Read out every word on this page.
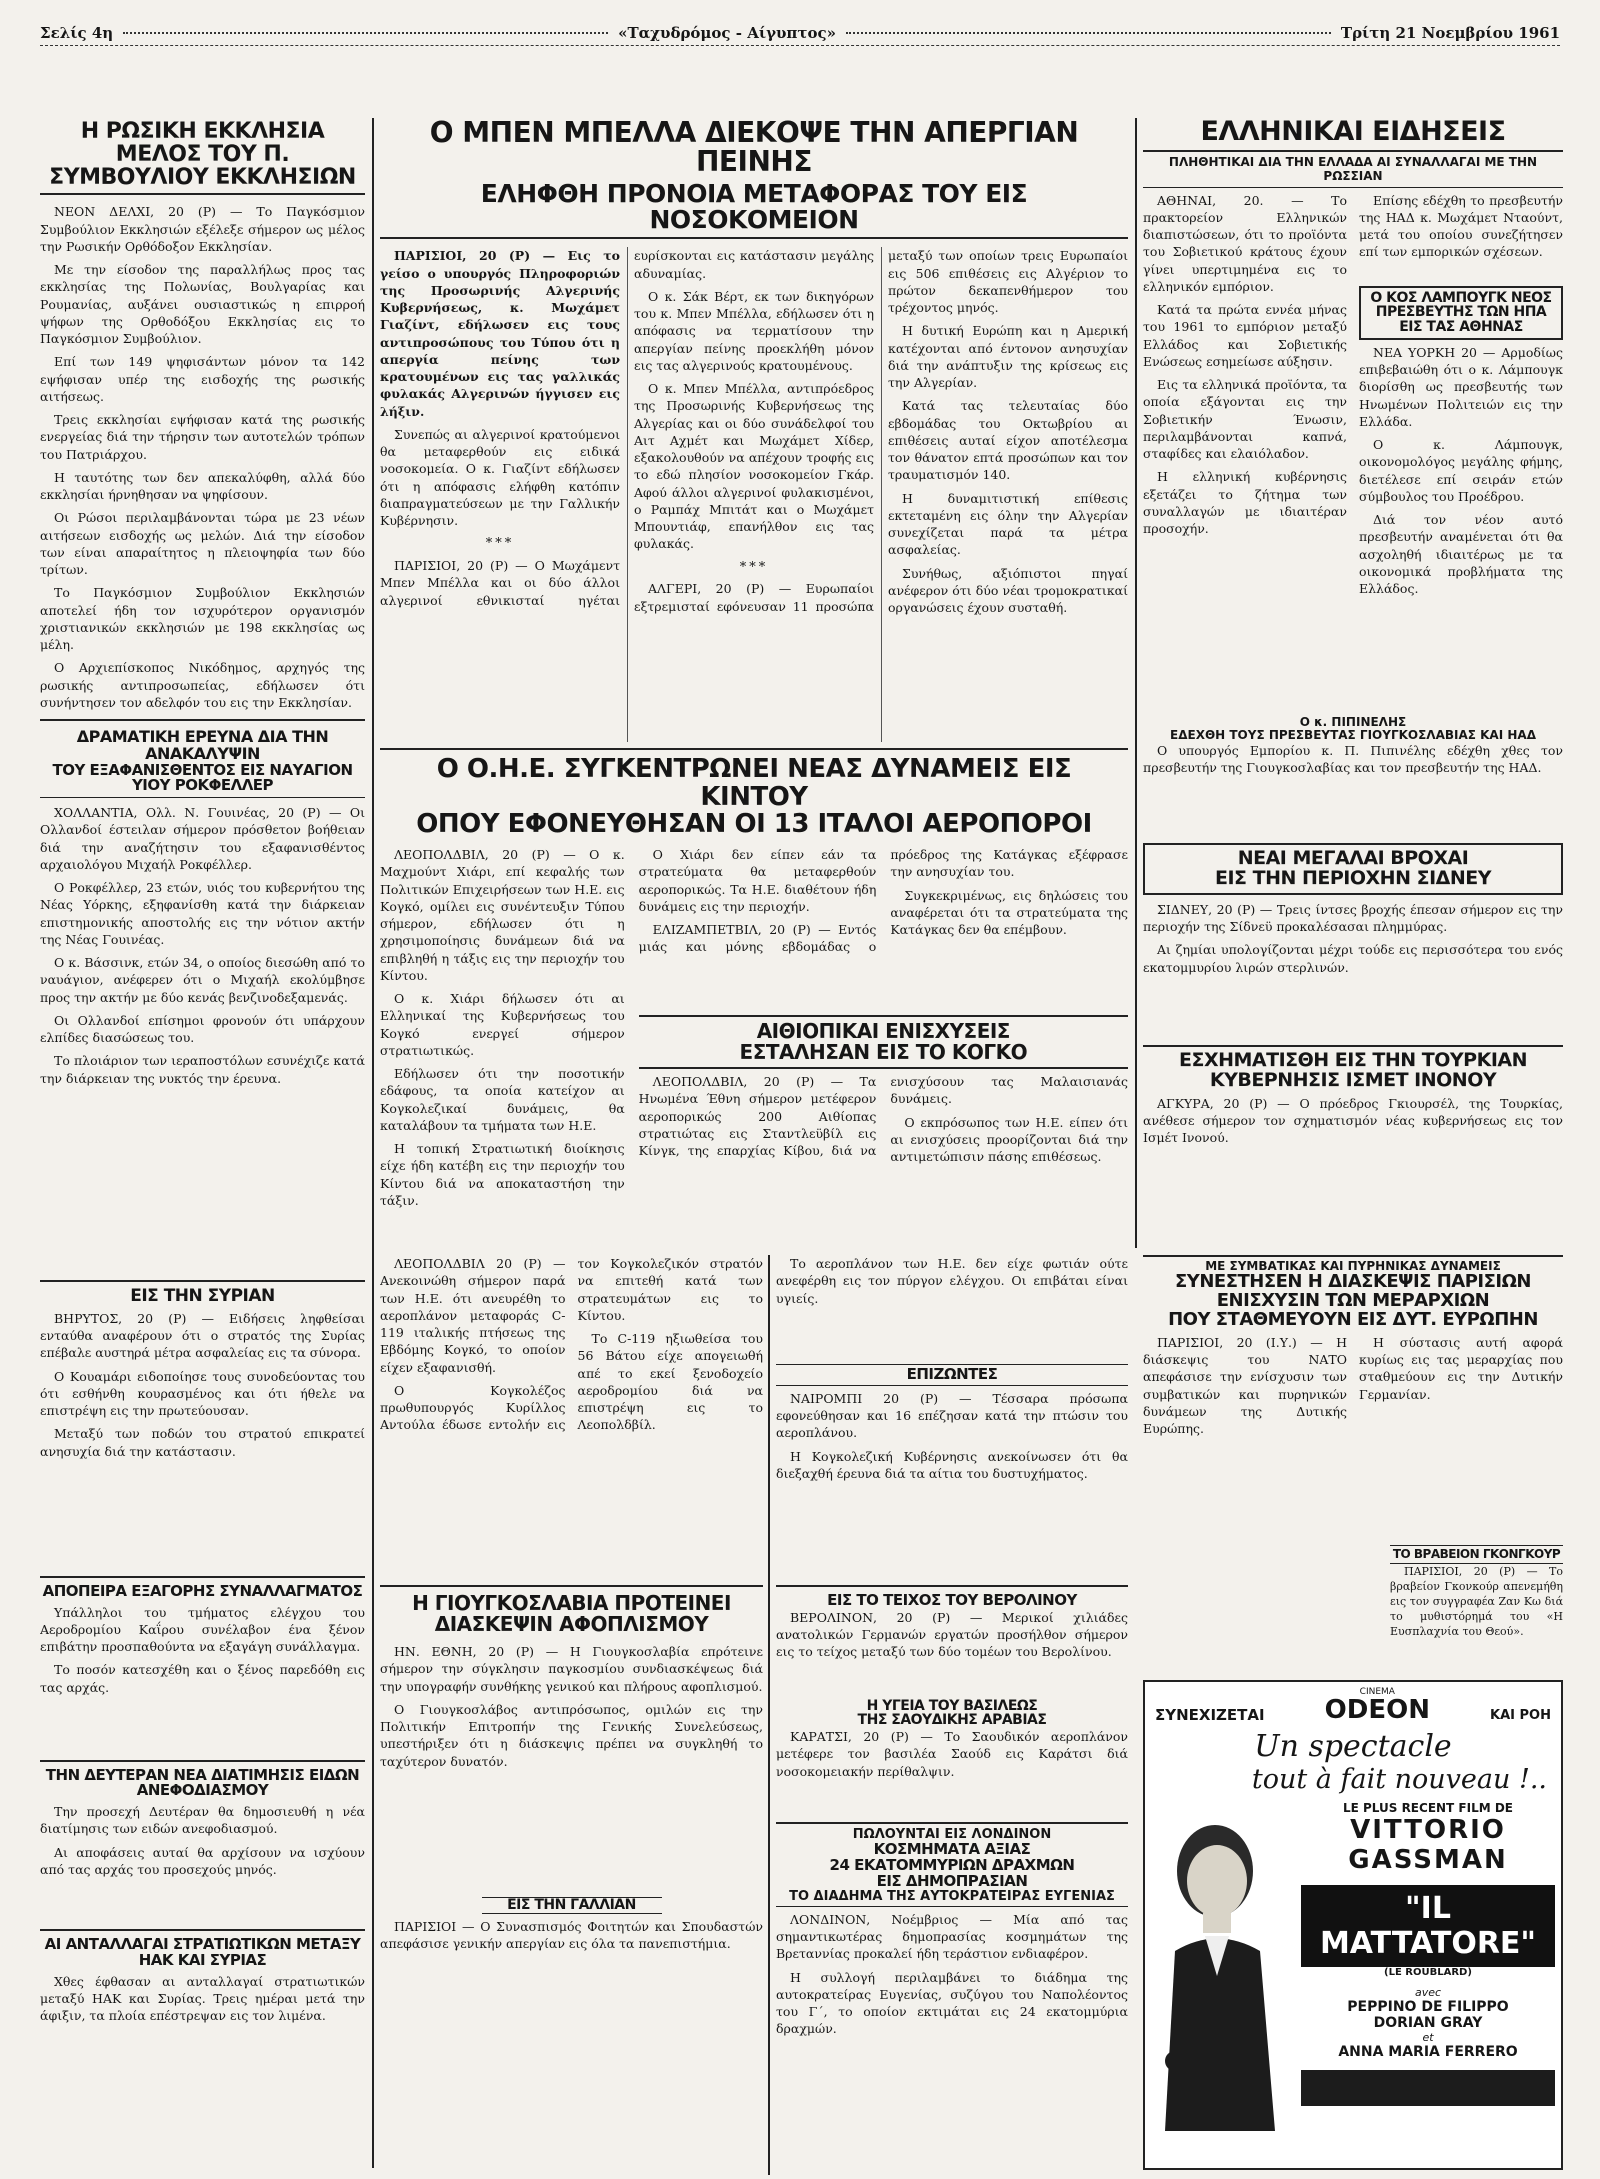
Σελίς 4η	«Ταχυδρόμος - Αίγυπτος»	Τρίτη 21 Νοεμβρίου 1961
Η ΡΩΣΙΚΗ ΕΚΚΛΗΣΙΑ ΜΕΛΟΣ ΤΟΥ Π. ΣΥΜΒΟΥΛΙΟΥ ΕΚΚΛΗΣΙΩΝ

ΝΕΟΝ ΔΕΛΧΙ, 20 (Ρ) — Το Παγκόσμιον Συμβούλιον Εκκλησιών εξέλεξε σήμερον ως μέλος την Ρωσικήν Ορθόδοξον Εκκλησίαν.

Με την είσοδον της παραλλήλως προς τας εκκλησίας της Πολωνίας, Βουλγαρίας και Ρουμανίας, αυξάνει ουσιαστικώς η επιρροή ψήφων της Ορθοδόξου Εκκλησίας εις το Παγκόσμιον Συμβούλιον.

Επί των 149 ψηφισάντων μόνον τα 142 εψήφισαν υπέρ της εισδοχής της ρωσικής αιτήσεως.

Τρεις εκκλησίαι εψήφισαν κατά της ρωσικής ενεργείας διά την τήρησιν των αυτοτελών τρόπων του Πατριάρχου.

Η ταυτότης των δεν απεκαλύφθη, αλλά δύο εκκλησίαι ήρνηθησαν να ψηφίσουν.

Οι Ρώσοι περιλαμβάνονται τώρα με 23 νέων αιτήσεων εισδοχής ως μελών. Διά την είσοδον των είναι απαραίτητος η πλειοψηφία των δύο τρίτων.

Το Παγκόσμιον Συμβούλιον Εκκλησιών αποτελεί ήδη τον ισχυρότερον οργανισμόν χριστιανικών εκκλησιών με 198 εκκλησίας ως μέλη.

Ο Αρχιεπίσκοπος Νικόδημος, αρχηγός της ρωσικής αντιπροσωπείας, εδήλωσεν ότι συνήντησεν τον αδελφόν του εις την Εκκλησίαν.

ΔΡΑΜΑΤΙΚΗ ΕΡΕΥΝΑ ΔΙΑ ΤΗΝ ΑΝΑΚΑΛΥΨΙΝ
ΤΟΥ ΕΞΑΦΑΝΙΣΘΕΝΤΟΣ ΕΙΣ ΝΑΥΑΓΙΟΝ ΥΙΟΥ ΡΟΚΦΕΛΛΕΡ

ΧΟΛΛΑΝΤΙΑ, Ολλ. Ν. Γουινέας, 20 (Ρ) — Οι Ολλανδοί έστειλαν σήμερον πρόσθετον βοήθειαν διά την αναζήτησιν του εξαφανισθέντος αρχαιολόγου Μιχαήλ Ροκφέλλερ.

Ο Ροκφέλλερ, 23 ετών, υιός του κυβερνήτου της Νέας Υόρκης, εξηφανίσθη κατά την διάρκειαν επιστημονικής αποστολής εις την νότιον ακτήν της Νέας Γουινέας.

Ο κ. Βάσσινκ, ετών 34, ο οποίος διεσώθη από το ναυάγιον, ανέφερεν ότι ο Μιχαήλ εκολύμβησε προς την ακτήν με δύο κενάς βενζινοδεξαμενάς.

Οι Ολλανδοί επίσημοι φρονούν ότι υπάρχουν ελπίδες διασώσεως του.

Το πλοιάριον των ιεραποστόλων εσυνέχιζε κατά την διάρκειαν της νυκτός την έρευνα.

ΕΙΣ ΤΗΝ ΣΥΡΙΑΝ

ΒΗΡΥΤΟΣ, 20 (Ρ) — Ειδήσεις ληφθείσαι ενταύθα αναφέρουν ότι ο στρατός της Συρίας επέβαλε αυστηρά μέτρα ασφαλείας εις τα σύνορα.

Ο Κουαμάρι ειδοποίησε τους συνοδεύοντας του ότι εσθήνθη κουρασμένος και ότι ήθελε να επιστρέψη εις την πρωτεύουσαν.

Μεταξύ των ποδών του στρατού επικρατεί ανησυχία διά την κατάστασιν.

ΑΠΟΠΕΙΡΑ ΕΞΑΓΟΡΗΣ ΣΥΝΑΛΛΑΓΜΑΤΟΣ

Υπάλληλοι του τμήματος ελέγχου του Αεροδρομίου Καΐρου συνέλαβον ένα ξένον επιβάτην προσπαθούντα να εξαγάγη συνάλλαγμα.

Το ποσόν κατεσχέθη και ο ξένος παρεδόθη εις τας αρχάς.

ΤΗΝ ΔΕΥΤΕΡΑΝ ΝΕΑ ΔΙΑΤΙΜΗΣΙΣ ΕΙΔΩΝ ΑΝΕΦΟΔΙΑΣΜΟΥ

Την προσεχή Δευτέραν θα δημοσιευθή η νέα διατίμησις των ειδών ανεφοδιασμού.

Αι αποφάσεις αυταί θα αρχίσουν να ισχύουν από τας αρχάς του προσεχούς μηνός.

ΑΙ ΑΝΤΑΛΛΑΓΑΙ ΣΤΡΑΤΙΩΤΙΚΩΝ ΜΕΤΑΞΥ ΗΑΚ ΚΑΙ ΣΥΡΙΑΣ

Χθες έφθασαν αι ανταλλαγαί στρατιωτικών μεταξύ ΗΑΚ και Συρίας. Τρεις ημέραι μετά την άφιξιν, τα πλοία επέστρεψαν εις τον λιμένα.

Ο ΜΠΕΝ ΜΠΕΛΛΑ ΔΙΕΚΟΨΕ ΤΗΝ ΑΠΕΡΓΙΑΝ ΠΕΙΝΗΣ
ΕΛΗΦΘΗ ΠΡΟΝΟΙΑ ΜΕΤΑΦΟΡΑΣ ΤΟΥ ΕΙΣ ΝΟΣΟΚΟΜΕΙΟΝ

ΠΑΡΙΣΙΟΙ, 20 (Ρ) — Εις το γείσο ο υπουργός Πληροφοριών της Προσωρινής Αλγερινής Κυβερνήσεως, κ. Μωχάμετ Γιαζίντ, εδήλωσεν εις τους αντιπροσώπους του Τύπου ότι η απεργία πείνης των κρατουμένων εις τας γαλλικάς φυλακάς Αλγερινών ήγγισεν εις λήξιν.

Συνεπώς αι αλγερινοί κρατούμενοι θα μεταφερθούν εις ειδικά νοσοκομεία. Ο κ. Γιαζίντ εδήλωσεν ότι η απόφασις ελήφθη κατόπιν διαπραγματεύσεων με την Γαλλικήν Κυβέρνησιν.

***

ΠΑΡΙΣΙΟΙ, 20 (Ρ) — Ο Μωχάμεντ Μπεν Μπέλλα και οι δύο άλλοι αλγερινοί εθνικισταί ηγέται ευρίσκονται εις κατάστασιν μεγάλης αδυναμίας.

Ο κ. Σάκ Βέρτ, εκ των δικηγόρων του κ. Μπεν Μπέλλα, εδήλωσεν ότι η απόφασις να τερματίσουν την απεργίαν πείνης προεκλήθη μόνον εις τας αλγερινούς κρατουμένους.

Ο κ. Μπεν Μπέλλα, αντιπρόεδρος της Προσωρινής Κυβερνήσεως της Αλγερίας και οι δύο συνάδελφοί του Αιτ Αχμέτ και Μωχάμετ Χίδερ, εξακολουθούν να απέχουν τροφής εις το εδώ πλησίον νοσοκομείον Γκάρ. Αφού άλλοι αλγερινοί φυλακισμένοι, ο Ραμπάχ Μπιτάτ και ο Μωχάμετ Μπουντιάφ, επανήλθον εις τας φυλακάς.

***

ΑΛΓΕΡΙ, 20 (Ρ) — Ευρωπαίοι εξτρεμισταί εφόνευσαν 11 προσώπα μεταξύ των οποίων τρεις Ευρωπαίοι εις 506 επιθέσεις εις Αλγέριον το πρώτον δεκαπενθήμερον του τρέχοντος μηνός.

Η δυτική Ευρώπη και η Αμερική κατέχονται από έντονον ανησυχίαν διά την ανάπτυξιν της κρίσεως εις την Αλγερίαν.

Κατά τας τελευταίας δύο εβδομάδας του Οκτωβρίου αι επιθέσεις αυταί είχον αποτέλεσμα τον θάνατον επτά προσώπων και τον τραυματισμόν 140.

Η δυναμιτιστική επίθεσις εκτεταμένη εις όλην την Αλγερίαν συνεχίζεται παρά τα μέτρα ασφαλείας.

Συνήθως, αξιόπιστοι πηγαί ανέφερον ότι δύο νέαι τρομοκρατικαί οργανώσεις έχουν συσταθή.

Ο Ο.Η.Ε. ΣΥΓΚΕΝΤΡΩΝΕΙ ΝΕΑΣ ΔΥΝΑΜΕΙΣ ΕΙΣ ΚΙΝΤΟΥ
ΟΠΟΥ ΕΦΟΝΕΥΘΗΣΑΝ ΟΙ 13 ΙΤΑΛΟΙ ΑΕΡΟΠΟΡΟΙ

ΛΕΟΠΟΛΔΒΙΛ, 20 (Ρ) — Ο κ. Μαχμούντ Χιάρι, επί κεφαλής των Πολιτικών Επιχειρήσεων των Η.Ε. εις Κογκό, ομίλει εις συνέντευξιν Τύπου σήμερον, εδήλωσεν ότι η χρησιμοποίησις δυνάμεων διά να επιβληθή η τάξις εις την περιοχήν του Κίντου.

Ο κ. Χιάρι δήλωσεν ότι αι Ελληνικαί της Κυβερνήσεως του Κογκό ενεργεί σήμερον στρατιωτικώς.

Εδήλωσεν ότι την ποσοτικήν εδάφους, τα οποία κατείχον αι Κογκολεζικαί δυνάμεις, θα καταλάβουν τα τμήματα των Η.Ε.

Η τοπική Στρατιωτική διοίκησις είχε ήδη κατέβη εις την περιοχήν του Κίντου διά να αποκαταστήση την τάξιν.

Ο Χιάρι δεν είπεν εάν τα στρατεύματα θα μεταφερθούν αεροπορικώς. Τα Η.Ε. διαθέτουν ήδη δυνάμεις εις την περιοχήν.

ΕΛΙΖΑΜΠΕΤΒΙΛ, 20 (Ρ) — Εντός μιάς και μόνης εβδομάδας ο πρόεδρος της Κατάγκας εξέφρασε την ανησυχίαν του.

Συγκεκριμένως, εις δηλώσεις του αναφέρεται ότι τα στρατεύματα της Κατάγκας δεν θα επέμβουν.

ΑΙΘΙΟΠΙΚΑΙ ΕΝΙΣΧΥΣΕΙΣ
ΕΣΤΑΛΗΣΑΝ ΕΙΣ ΤΟ ΚΟΓΚΟ

ΛΕΟΠΟΛΔΒΙΛ, 20 (Ρ) — Τα Ηνωμένα Έθνη σήμερον μετέφερον αεροπορικώς 200 Αιθίοπας στρατιώτας εις Σταντλεϋβίλ εις Κίνγκ, της επαρχίας Κίβου, διά να ενισχύσουν τας Μαλαισιανάς δυνάμεις.

Ο εκπρόσωπος των Η.Ε. είπεν ότι αι ενισχύσεις προορίζονται διά την αντιμετώπισιν πάσης επιθέσεως.

ΛΕΟΠΟΛΔΒΙΛ 20 (Ρ) — Ανεκοινώθη σήμερον παρά των Η.Ε. ότι ανευρέθη το αεροπλάνον μεταφοράς C-119 ιταλικής πτήσεως της Εβδόμης Κογκό, το οποίον είχεν εξαφανισθή.

Ο Κογκολέζος πρωθυπουργός Κυρίλλος Αντούλα έδωσε εντολήν εις τον Κογκολεζικόν στρατόν να επιτεθή κατά των στρατευμάτων εις το Κίντου.

Το C-119 ηξιωθείσα του 56 Βάτου είχε απογειωθή απέ το εκεί ξενοδοχείο αεροδρομίου διά να επιστρέψη εις το Λεοπολδβίλ.

Το αεροπλάνον των Η.Ε. δεν είχε φωτιάν ούτε ανεφέρθη εις τον πύργον ελέγχου. Οι επιβάται είναι υγιείς.

ΕΠΙΖΩΝΤΕΣ

ΝΑΙΡΟΜΠΙ 20 (Ρ) — Τέσσαρα πρόσωπα εφονεύθησαν και 16 επέζησαν κατά την πτώσιν του αεροπλάνου.

Η Κογκολεζική Κυβέρνησις ανεκοίνωσεν ότι θα διεξαχθή έρευνα διά τα αίτια του δυστυχήματος.

Η ΓΙΟΥΓΚΟΣΛΑΒΙΑ ΠΡΟΤΕΙΝΕΙ
ΔΙΑΣΚΕΨΙΝ ΑΦΟΠΛΙΣΜΟΥ

ΗΝ. ΕΘΝΗ, 20 (Ρ) — Η Γιουγκοσλαβία επρότεινε σήμερον την σύγκλησιν παγκοσμίου συνδιασκέψεως διά την υπογραφήν συνθήκης γενικού και πλήρους αφοπλισμού.

Ο Γιουγκοσλάβος αντιπρόσωπος, ομιλών εις την Πολιτικήν Επιτροπήν της Γενικής Συνελεύσεως, υπεστήριξεν ότι η διάσκεψις πρέπει να συγκληθή το ταχύτερον δυνατόν.

ΕΙΣ ΤΗΝ ΓΑΛΛΙΑΝ

ΠΑΡΙΣΙΟΙ — Ο Συνασπισμός Φοιτητών και Σπουδαστών απεφάσισε γενικήν απεργίαν εις όλα τα πανεπιστήμια.

ΕΙΣ ΤΟ ΤΕΙΧΟΣ ΤΟΥ ΒΕΡΟΛΙΝΟΥ

ΒΕΡΟΛΙΝΟΝ, 20 (Ρ) — Μερικοί χιλιάδες ανατολικών Γερμανών εργατών προσήλθον σήμερον εις το τείχος μεταξύ των δύο τομέων του Βερολίνου.

Η ΥΓΕΙΑ ΤΟΥ ΒΑΣΙΛΕΩΣ
ΤΗΣ ΣΑΟΥΔΙΚΗΣ ΑΡΑΒΙΑΣ

ΚΑΡΑΤΣΙ, 20 (Ρ) — Το Σαουδικόν αεροπλάνον μετέφερε τον βασιλέα Σαούδ εις Καράτσι διά νοσοκομειακήν περίθαλψιν.

ΠΩΛΟΥΝΤΑΙ ΕΙΣ ΛΟΝΔΙΝΟΝ
ΚΟΣΜΗΜΑΤΑ ΑΞΙΑΣ
24 ΕΚΑΤΟΜΜΥΡΙΩΝ ΔΡΑΧΜΩΝ
ΕΙΣ ΔΗΜΟΠΡΑΣΙΑΝ
ΤΟ ΔΙΑΔΗΜΑ ΤΗΣ ΑΥΤΟΚΡΑΤΕΙΡΑΣ ΕΥΓΕΝΙΑΣ

ΛΟΝΔΙΝΟΝ, Νοέμβριος — Μία από τας σημαντικωτέρας δημοπρασίας κοσμημάτων της Βρεταννίας προκαλεί ήδη τεράστιον ενδιαφέρον.

Η συλλογή περιλαμβάνει το διάδημα της αυτοκρατείρας Ευγενίας, συζύγου του Ναπολέοντος του Γ΄, το οποίον εκτιμάται εις 24 εκατομμύρια δραχμών.

ΕΛΛΗΝΙΚΑΙ ΕΙΔΗΣΕΙΣ
ΠΛΗΘΗΤΙΚΑΙ ΔΙΑ ΤΗΝ ΕΛΛΑΔΑ ΑΙ ΣΥΝΑΛΛΑΓΑΙ ΜΕ ΤΗΝ ΡΩΣΣΙΑΝ

ΑΘΗΝΑΙ, 20. — Το πρακτορείον Ελληνικών διαπιστώσεων, ότι το προϊόντα του Σοβιετικού κράτους έχουν γίνει υπερτιμημένα εις το ελληνικόν εμπόριον.

Κατά τα πρώτα εννέα μήνας του 1961 το εμπόριον μεταξύ Ελλάδος και Σοβιετικής Ενώσεως εσημείωσε αύξησιν.

Εις τα ελληνικά προϊόντα, τα οποία εξάγονται εις την Σοβιετικήν Ένωσιν, περιλαμβάνονται καπνά, σταφίδες και ελαιόλαδον.

Η ελληνική κυβέρνησις εξετάζει το ζήτημα των συναλλαγών με ιδιαιτέραν προσοχήν.

Επίσης εδέχθη το πρεσβευτήν της ΗΑΔ κ. Μωχάμετ Νταούντ, μετά του οποίου συνεζήτησεν επί των εμπορικών σχέσεων.

Ο ΚΟΣ ΛΑΜΠΟΥΓΚ ΝΕΟΣ
ΠΡΕΣΒΕΥΤΗΣ ΤΩΝ ΗΠΑ
ΕΙΣ ΤΑΣ ΑΘΗΝΑΣ

ΝΕΑ ΥΟΡΚΗ 20 — Αρμοδίως επιβεβαιώθη ότι ο κ. Λάμπουγκ διορίσθη ως πρεσβευτής των Ηνωμένων Πολιτειών εις την Ελλάδα.

Ο κ. Λάμπουγκ, οικονομολόγος μεγάλης φήμης, διετέλεσε επί σειράν ετών σύμβουλος του Προέδρου.

Διά τον νέον αυτό πρεσβευτήν αναμένεται ότι θα ασχοληθή ιδιαιτέρως με τα οικονομικά προβλήματα της Ελλάδος.

Ο κ. ΠΙΠΙΝΕΛΗΣ
ΕΔΕΧΘΗ ΤΟΥΣ ΠΡΕΣΒΕΥΤΑΣ ΓΙΟΥΓΚΟΣΛΑΒΙΑΣ ΚΑΙ ΗΑΔ

Ο υπουργός Εμπορίου κ. Π. Πιπινέλης εδέχθη χθες τον πρεσβευτήν της Γιουγκοσλαβίας και τον πρεσβευτήν της ΗΑΔ.

ΝΕΑΙ ΜΕΓΑΛΑΙ ΒΡΟΧΑΙ
ΕΙΣ ΤΗΝ ΠΕΡΙΟΧΗΝ ΣΙΔΝΕΥ

ΣΙΔΝΕΥ, 20 (Ρ) — Τρεις ίντσες βροχής έπεσαν σήμερον εις την περιοχήν της Σίδνεϋ προκαλέσασαι πλημμύρας.

Αι ζημίαι υπολογίζονται μέχρι τούδε εις περισσότερα του ενός εκατομμυρίου λιρών στερλινών.

ΕΣΧΗΜΑΤΙΣΘΗ ΕΙΣ ΤΗΝ ΤΟΥΡΚΙΑΝ
ΚΥΒΕΡΝΗΣΙΣ ΙΣΜΕΤ ΙΝΟΝΟΥ

ΑΓΚΥΡΑ, 20 (Ρ) — Ο πρόεδρος Γκιουρσέλ, της Τουρκίας, ανέθεσε σήμερον τον σχηματισμόν νέας κυβερνήσεως εις τον Ισμέτ Ινονού.

ΜΕ ΣΥΜΒΑΤΙΚΑΣ ΚΑΙ ΠΥΡΗΝΙΚΑΣ ΔΥΝΑΜΕΙΣ
ΣΥΝΕΣΤΗΣΕΝ Η ΔΙΑΣΚΕΨΙΣ ΠΑΡΙΣΙΩΝ
ΕΝΙΣΧΥΣΙΝ ΤΩΝ ΜΕΡΑΡΧΙΩΝ
ΠΟΥ ΣΤΑΘΜΕΥΟΥΝ ΕΙΣ ΔΥΤ. ΕΥΡΩΠΗΝ

ΠΑΡΙΣΙΟΙ, 20 (Ι.Υ.) — Η διάσκεψις του ΝΑΤΟ απεφάσισε την ενίσχυσιν των συμβατικών και πυρηνικών δυνάμεων της Δυτικής Ευρώπης.

Η σύστασις αυτή αφορά κυρίως εις τας μεραρχίας που σταθμεύουν εις την Δυτικήν Γερμανίαν.

ΤΟ ΒΡΑΒΕΙΟΝ ΓΚΟΝΓΚΟΥΡ

ΠΑΡΙΣΙΟΙ, 20 (Ρ) — Το βραβείον Γκονκούρ απενεμήθη εις τον συγγραφέα Ζαν Κω διά το μυθιστόρημά του «Η Ευσπλαχνία του Θεού».

ΣΥΝΕΧΙΖΕΤΑΙ
CINEMA
ODEON	ΚΑΙ ΡΟΗ
Un spectacle
tout à fait nouveau !..
LE PLUS RECENT FILM DE
VITTORIO
GASSMAN
"IL MATTATORE"
(LE ROUBLARD)
avec
PEPPINO DE FILIPPO
DORIAN GRAY
et
ANNA MARIA FERRERO
